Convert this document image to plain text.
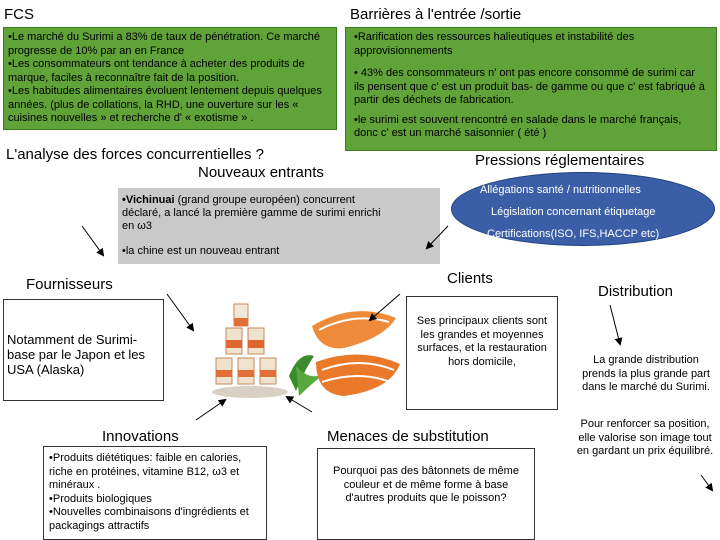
FCS	Barrières à l'entrée /sortie

•Le marché du Surimi a 83% de taux de pénétration. Ce marché progresse de 10% par an en France

•Les consommateurs ont tendance à acheter des produits de marque, faciles à reconnaître fait de la position.

•Les habitudes alimentaires évoluent lentement depuis quelques années. (plus de collations, la RHD, une ouverture sur les « cuisines nouvelles » et recherche d' « exotisme » .

•Rarification des ressources halieutiques et instabilité des approvisionnements

• 43% des consommateurs n' ont pas encore consommé de surimi car ils pensent que c' est un produit bas- de gamme ou que c' est fabriqué à partir des déchets de fabrication.

•le surimi est souvent rencontré en salade dans le marché français, donc c' est un marché saisonnier ( été )

L'analyse des forces concurrentielles ?
Nouveaux entrants
Pressions réglementaires
Allégations santé / nutritionnelles
Législation concernant étiquetage
Certifications(ISO, IFS,HACCP etc)
•Vichinuai (grand groupe européen) concurrent déclaré, a lancé la première gamme de surimi enrichi en ω3
•la chine est un nouveau entrant
Fournisseurs
Notamment de Surimi-base par le Japon et les USA (Alaska)
Clients
Ses principaux clients sont les grandes et moyennes surfaces, et la restauration hors domicile,
Distribution
La grande distribution prends la plus grande part dans le marché du Surimi.
Pour renforcer sa position, elle valorise son image tout en gardant un prix équilibré.
Innovations
•Produits diététiques: faible en calories, riche en protéines, vitamine B12, ω3 et minéraux .
•Produits biologiques
•Nouvelles combinaisons d'ingrédients et packagings attractifs
Menaces de substitution
Pourquoi pas des bâtonnets de même couleur et de même forme à base d'autres produits que le poisson?
